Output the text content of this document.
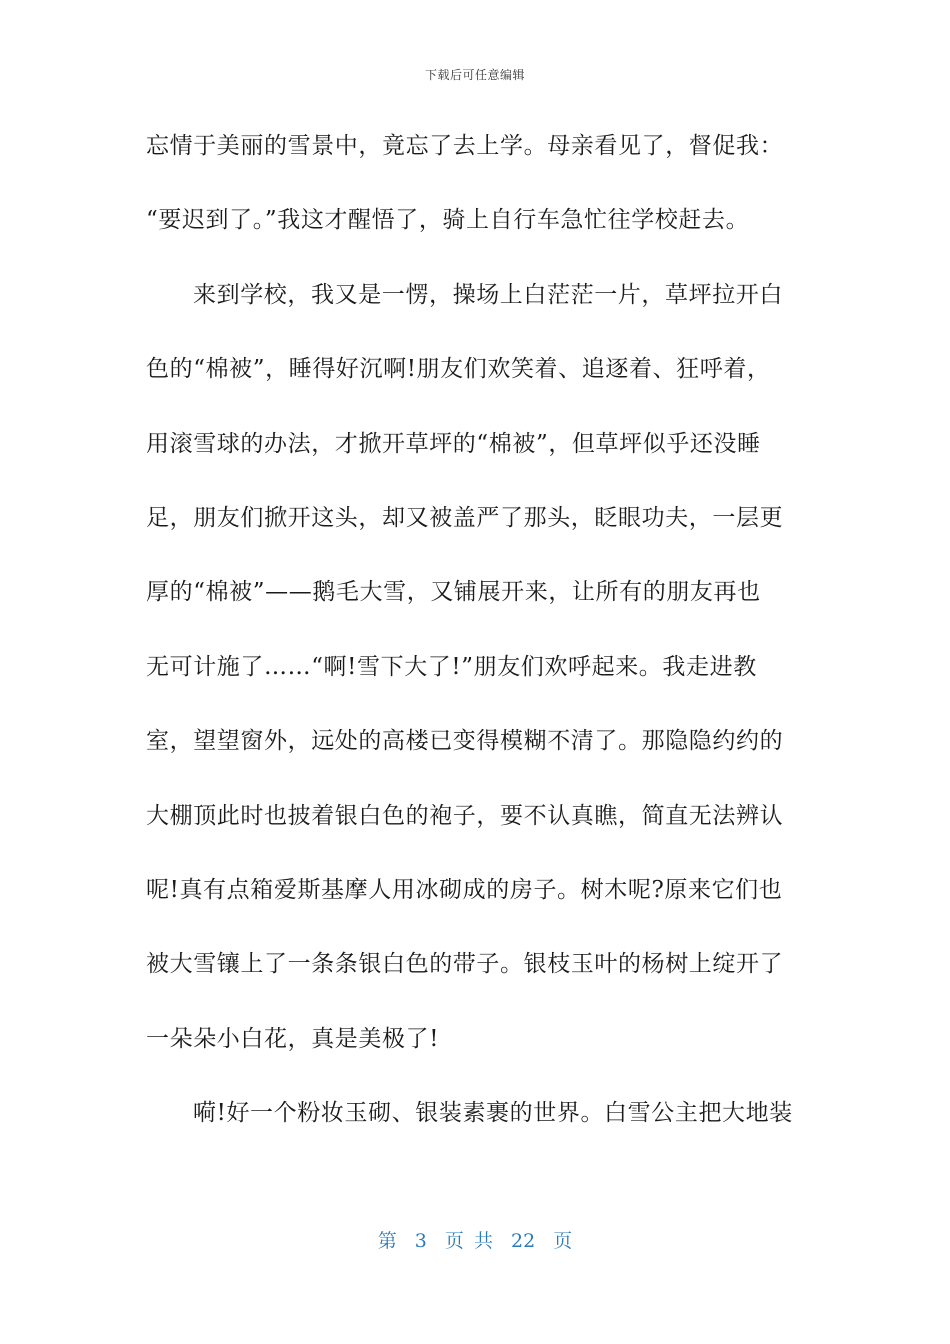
下载后可任意编辑
忘情于美丽的雪景中，竟忘了去上学。母亲看见了，督促我：
“要迟到了。”我这才醒悟了，骑上自行车急忙往学校赶去。
来到学校，我又是一愣，操场上白茫茫一片，草坪拉开白
色的“棉被”，睡得好沉啊!朋友们欢笑着、追逐着、狂呼着，
用滚雪球的办法，才掀开草坪的“棉被”，但草坪似乎还没睡
足，朋友们掀开这头，却又被盖严了那头，眨眼功夫，一层更
厚的“棉被”——鹅毛大雪，又铺展开来，让所有的朋友再也
无可计施了……“啊!雪下大了!”朋友们欢呼起来。我走进教
室，望望窗外，远处的高楼已变得模糊不清了。那隐隐约约的
大棚顶此时也披着银白色的袍子，要不认真瞧，简直无法辨认
呢!真有点箱爱斯基摩人用冰砌成的房子。树木呢?原来它们也
被大雪镶上了一条条银白色的带子。银枝玉叶的杨树上绽开了
一朵朵小白花，真是美极了!
嗬!好一个粉妆玉砌、银装素裹的世界。白雪公主把大地装
第 3 页 共 22 页
